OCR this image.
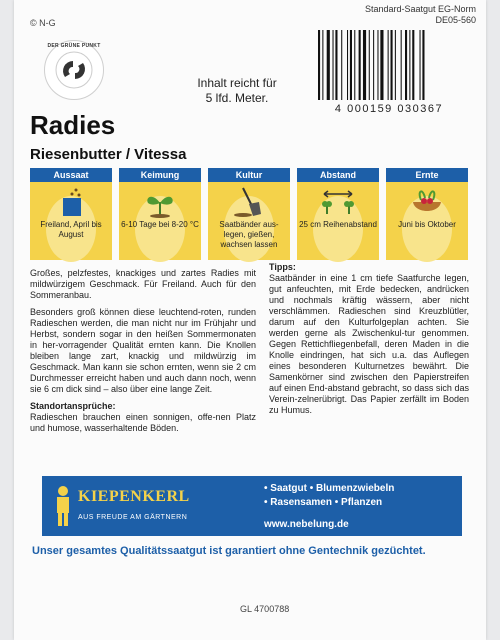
© N-G
DER GRÜNE PUNKT
Standard-Saatgut EG-Norm
DE05-560
Inhalt reicht für
5 lfd. Meter.
4 000159 030367
Radies
Riesenbutter / Vitessa
Aussaat
Freiland, April bis August
Keimung
6-10 Tage bei 8-20 °C
Kultur
Saatbänder aus-legen, gießen, wachsen lassen
Abstand
25 cm Reihenabstand
Ernte
Juni bis Oktober

Großes, pelzfestes, knackiges und zartes Radies mit mildwürzigem Geschmack. Für Freiland. Auch für den Sommeranbau.

Besonders groß können diese leuchtend-roten, runden Radieschen werden, die man nicht nur im Frühjahr und Herbst, sondern sogar in den heißen Sommermonaten in her-vorragender Qualität ernten kann. Die Knollen bleiben lange zart, knackig und mildwürzig im Geschmack. Man kann sie schon ernten, wenn sie 2 cm Durchmesser erreicht haben und auch dann noch, wenn sie 6 cm dick sind – also über eine lange Zeit.

Standortansprüche:
Radieschen brauchen einen sonnigen, offe-nen Platz und humose, wasserhaltende Böden.

Tipps:
Saatbänder in eine 1 cm tiefe Saatfurche legen, gut anfeuchten, mit Erde bedecken, andrücken und nochmals kräftig wässern, aber nicht verschlämmen. Radieschen sind Kreuzblütler, darum auf den Kulturfolgeplan achten. Sie werden gerne als Zwischenkul-tur genommen. Gegen Rettichfliegenbefall, deren Maden in die Knolle eindringen, hat sich u.a. das Auflegen eines besonderen Kulturnetzes bewährt. Die Samenkörner sind zwischen den Papierstreifen auf einen End-abstand gebracht, so dass sich das Verein-zelnerübrigt. Das Papier zerfällt im Boden zu Humus.
KIEPENKERL
AUS FREUDE AM GÄRTNERN
• Saatgut • Blumenzwiebeln
• Rasensamen • Pflanzen
www.nebelung.de
Unser gesamtes Qualitätssaatgut ist garantiert ohne Gentechnik gezüchtet.
GL 4700788
